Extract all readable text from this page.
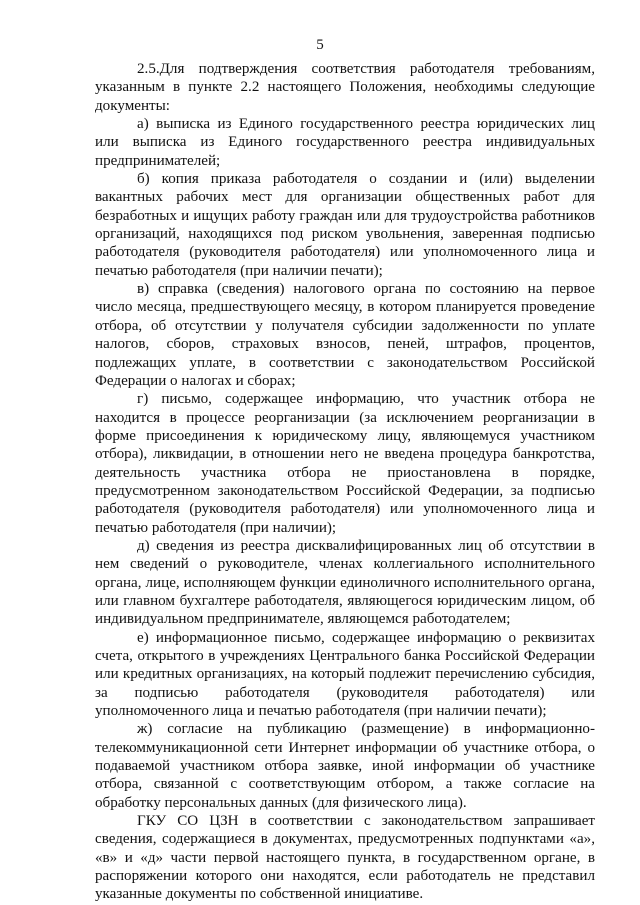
5

2.5.Для подтверждения соответствия работодателя требованиям, указанным в пункте 2.2 настоящего Положения, необходимы следующие документы:

а) выписка из Единого государственного реестра юридических лиц или выписка из Единого государственного реестра индивидуальных предпринимателей;

б) копия приказа работодателя о создании и (или) выделении вакантных рабочих мест для организации общественных работ для безработных и ищущих работу граждан или для трудоустройства работников организаций, находящихся под риском увольнения, заверенная подписью работодателя (руководителя работодателя) или уполномоченного лица и печатью работодателя (при наличии печати);

в) справка (сведения) налогового органа по состоянию на первое число месяца, предшествующего месяцу, в котором планируется проведение отбора, об отсутствии у получателя субсидии задолженности по уплате налогов, сборов, страховых взносов, пеней, штрафов, процентов, подлежащих уплате, в соответствии с законодательством Российской Федерации о налогах и сборах;

г) письмо, содержащее информацию, что участник отбора не находится в процессе реорганизации (за исключением реорганизации в форме присоединения к юридическому лицу, являющемуся участником отбора), ликвидации, в отношении него не введена процедура банкротства, деятельность участника отбора не приостановлена в порядке, предусмотренном законодательством Российской Федерации, за подписью работодателя (руководителя работодателя) или уполномоченного лица и печатью работодателя (при наличии);

д) сведения из реестра дисквалифицированных лиц об отсутствии в нем сведений о руководителе, членах коллегиального исполнительного органа, лице, исполняющем функции единоличного исполнительного органа, или главном бухгалтере работодателя, являющегося юридическим лицом, об индивидуальном предпринимателе, являющемся работодателем;

е) информационное письмо, содержащее информацию о реквизитах счета, открытого в учреждениях Центрального банка Российской Федерации или кредитных организациях, на который подлежит перечислению субсидия, за подписью работодателя (руководителя работодателя) или уполномоченного лица и печатью работодателя (при наличии печати);

ж) согласие на публикацию (размещение) в информационно-телекоммуникационной сети Интернет информации об участнике отбора, о подаваемой участником отбора заявке, иной информации об участнике отбора, связанной с соответствующим отбором, а также согласие на обработку персональных данных (для физического лица).

ГКУ СО ЦЗН в соответствии с законодательством запрашивает сведения, содержащиеся в документах, предусмотренных подпунктами «а», «в» и «д» части первой настоящего пункта, в государственном органе, в распоряжении которого они находятся, если работодатель не представил указанные документы по собственной инициативе.
